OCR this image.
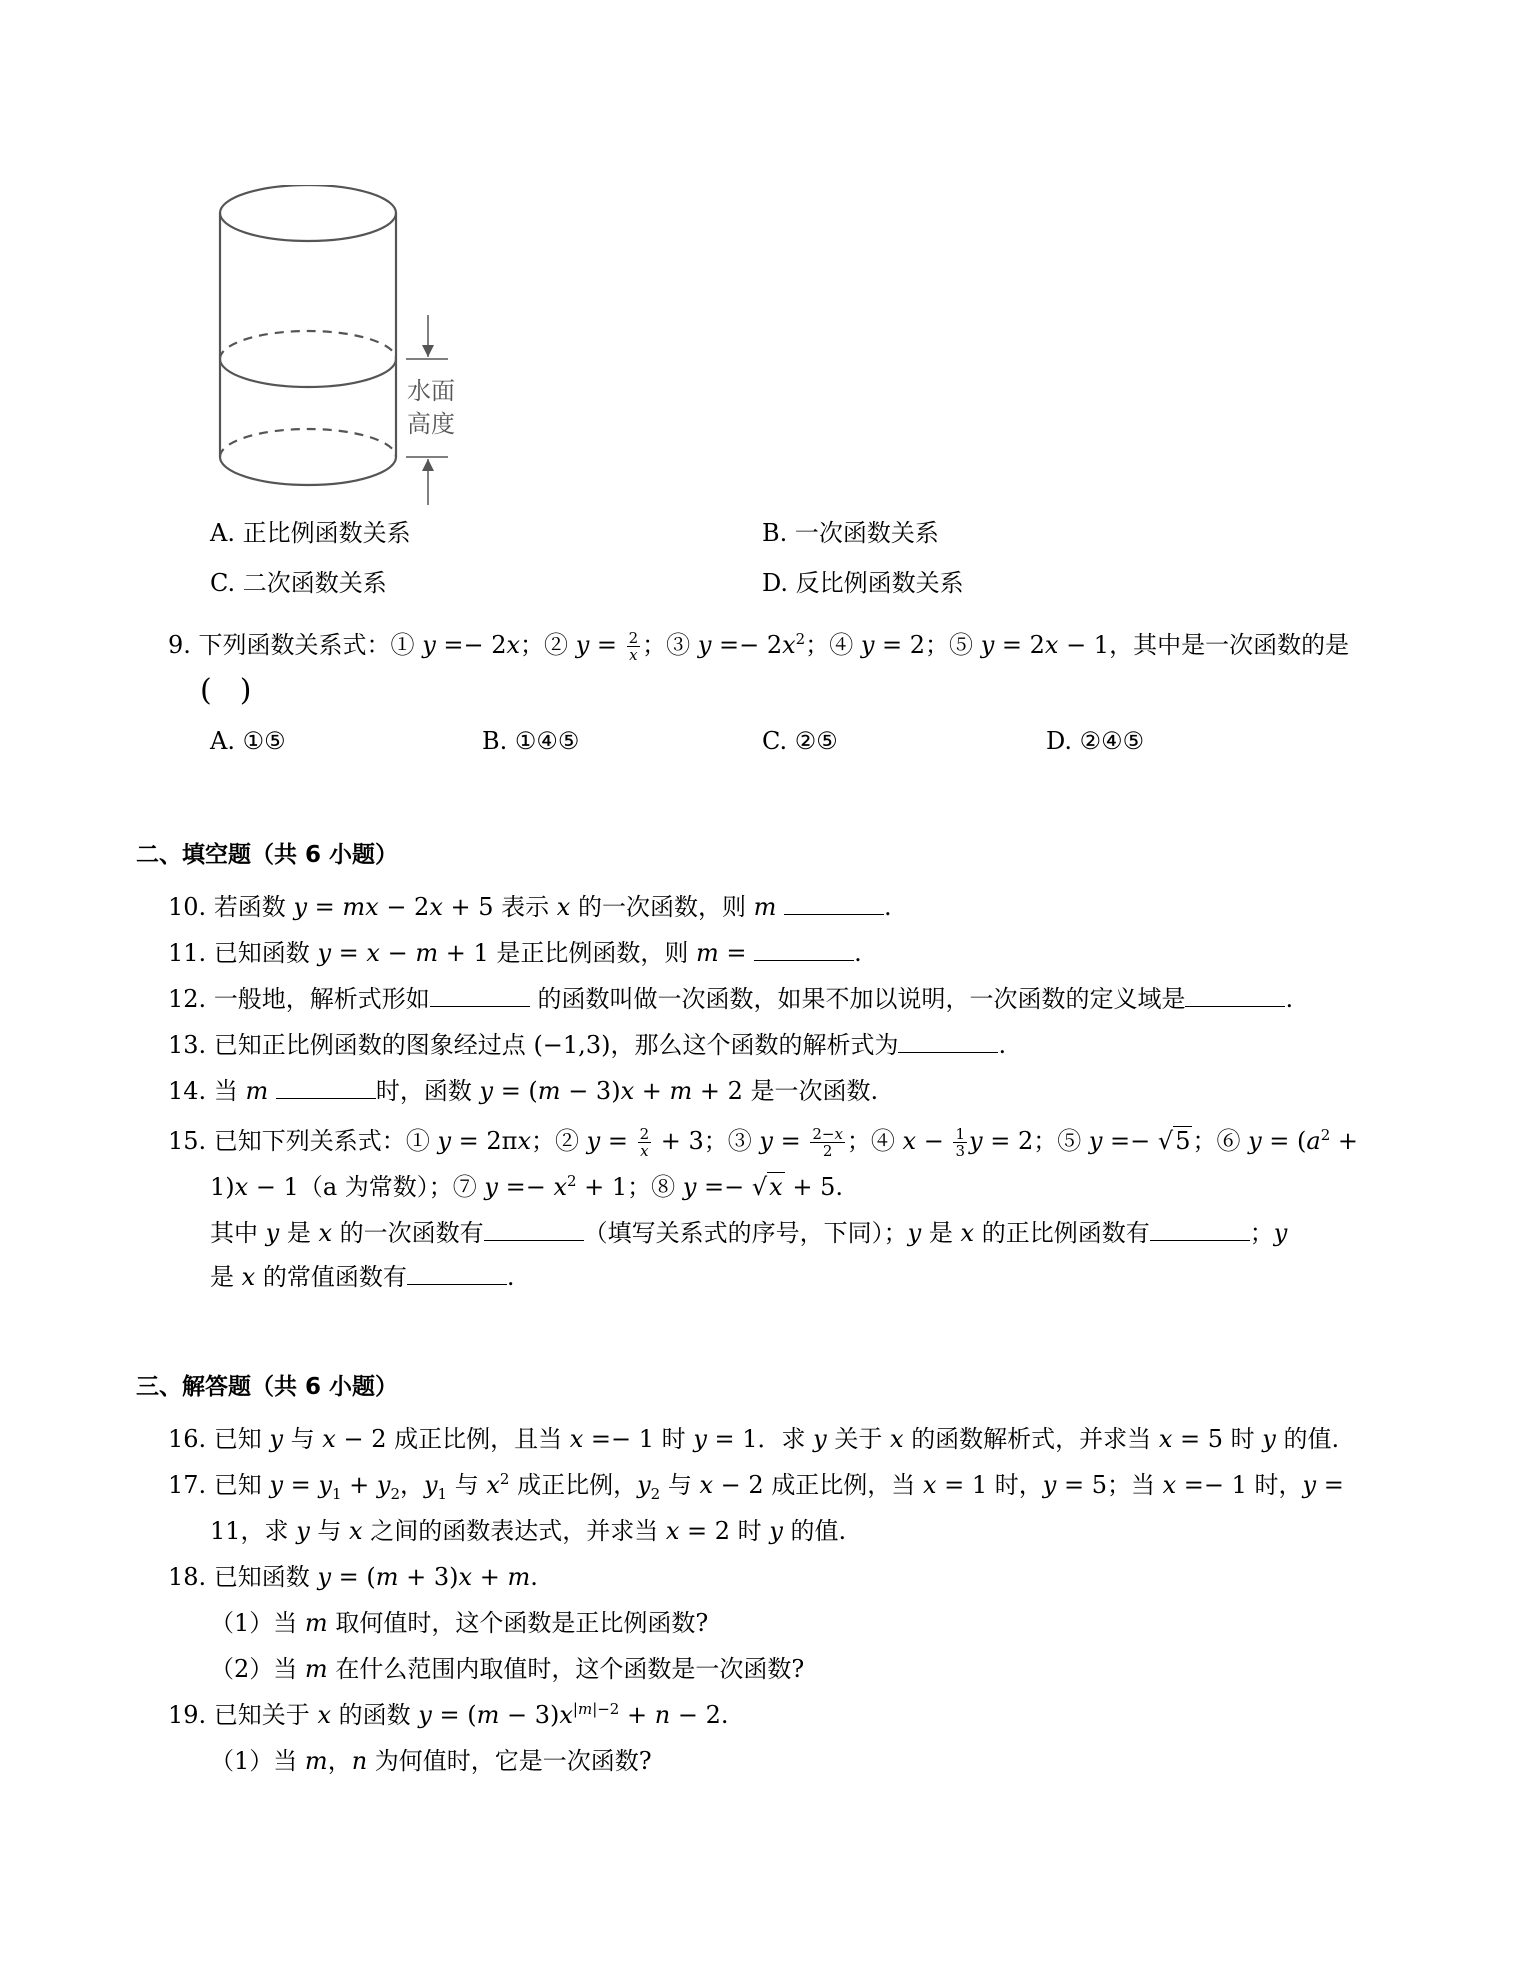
水面
高度
A. 正比例函数关系	B. 一次函数关系
C. 二次函数关系	D. 反比例函数关系
9. 下列函数关系式：① y =− 2x；② $y = \frac{2}{x}$ ；③ $y =- 2x^2$；④ y = 2；⑤ y = 2x − 1，其中是一次函数的是
()
A. ①⑤	B. ①④⑤	C. ②⑤	D. ②④⑤
二、填空题（共 6 小题）
10. 若函数 y = mx − 2x + 5 表示 x 的一次函数，则 m	.
11. 已知函数 y = x − m + 1 是正比例函数，则 m =	.
12. 一般地，解析式形如	的函数叫做一次函数，如果不加以说明，一次函数的定义域是	.
13. 已知正比例函数的图象经过点 (−1,3)，那么这个函数的解析式为	.
14. 当 m	时，函数 y = (m − 3)x + m + 2 是一次函数.
15. 已知下列关系式：① y = 2πx；② $y = \frac{2}{x} + 3$；③ $y = \frac{2-x}{2}$ ；④ $x - \frac{1}{3}$ y = 2；⑤ y =− √5；⑥ $y = (a^2$ +
1)x − 1（a 为常数）；⑦ $y =- x^2 + 1$；⑧ y =− √x + 5.
其中 y 是 x 的一次函数有	（填写关系式的序号，下同）；y 是 x 的正比例函数有	；y
是 x 的常值函数有	.
三、解答题（共 6 小题）
16. 已知 y 与 x − 2 成正比例，且当 x =− 1 时 y = 1．求 y 关于 x 的函数解析式，并求当 x = 5 时 y 的值.
17. 已知 $y = y_1 + y_2$，$y_1$ 与 $x^2$ 成正比例，$y_2$ 与 x − 2 成正比例，当 x = 1 时，y = 5；当 x =− 1 时，y =
11，求 y 与 x 之间的函数表达式，并求当 x = 2 时 y 的值.
18. 已知函数 y = (m + 3)x + m.
（1）当 m 取何值时，这个函数是正比例函数?
（2）当 m 在什么范围内取值时，这个函数是一次函数?
19. 已知关于 x 的函数 $y = (m - 3)x^{|m|-2} + n - 2$.
（1）当 m，n 为何值时，它是一次函数?
